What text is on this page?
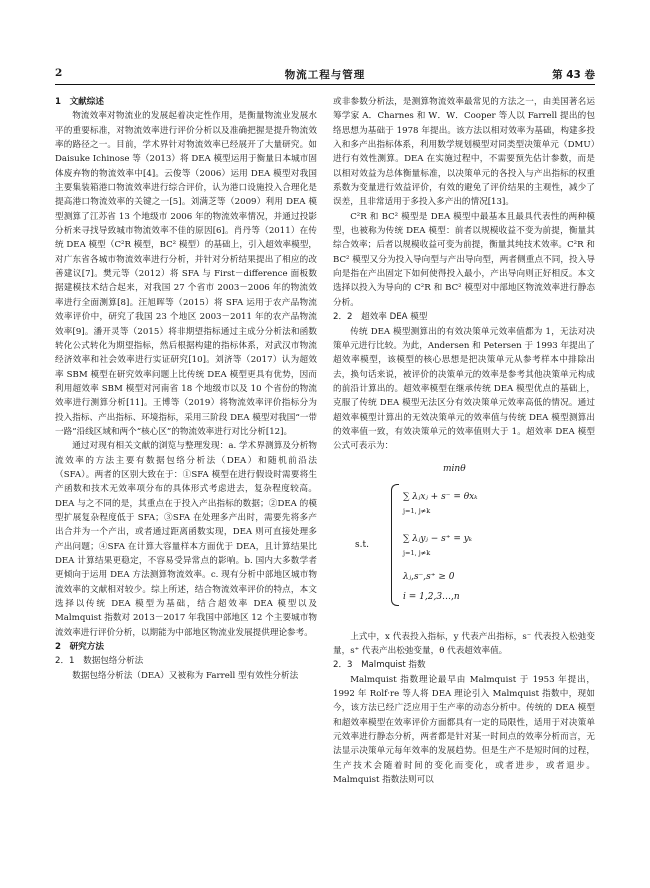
2	物流工程与管理	第 43 卷

1　文献综述

物流效率对物流业的发展起着决定性作用，是衡量物流业发展水平的重要标准，对物流效率进行评价分析以及准确把握是提升物流效率的路径之一。目前，学术界针对物流效率已经展开了大量研究。如 Daisuke Ichinose 等（2013）将 DEA 模型运用于衡量日本城市固体废弃物的物流效率中[4]。云俊等（2006）运用 DEA 模型对我国主要集装箱港口物流效率进行综合评价，认为港口设施投入合理化是提高港口物流效率的关键之一[5]。刘满芝等（2009）利用 DEA 模型测算了江苏省 13 个地级市 2006 年的物流效率情况，并通过投影分析来寻找导致城市物流效率不佳的原因[6]。肖丹等（2011）在传统 DEA 模型（C²R 模型，BC² 模型）的基础上，引入超效率模型，对广东省各城市物流效率进行分析，并针对分析结果提出了相应的改善建议[7]。樊元等（2012）将 SFA 与 First－difference 面板数据建模技术结合起来，对我国 27 个省市 2003－2006 年的物流效率进行全面测算[8]。汪旭晖等（2015）将 SFA 运用于农产品物流效率评价中，研究了我国 23 个地区 2003－2011 年的农产品物流效率[9]。潘开灵等（2015）将非期望指标通过主成分分析法和函数转化公式转化为期望指标，然后根据构建的指标体系，对武汉市物流经济效率和社会效率进行实证研究[10]。刘济等（2017）认为超效率 SBM 模型在研究效率问题上比传统 DEA 模型更具有优势，因而利用超效率 SBM 模型对河南省 18 个地级市以及 10 个省份的物流效率进行测算分析[11]。王博等（2019）将物流效率评价指标分为投入指标、产出指标、环境指标，采用三阶段 DEA 模型对我国“一带一路”沿线区域和两个“核心区”的物流效率进行对比分析[12]。

通过对现有相关文献的浏览与整理发现：a. 学术界测算及分析物流效率的方法主要有数据包络分析法（DEA）和随机前沿法（SFA）。两者的区别大致在于：①SFA 模型在进行假设时需要将生产函数和技术无效率项分布的具体形式考虑进去，复杂程度较高。DEA 与之不同的是，其重点在于投入产出指标的数据；②DEA 的模型扩展复杂程度低于 SFA；③SFA 在处理多产出时，需要先将多产出合并为一个产出，或者通过距离函数实现，DEA 则可直接处理多产出问题；④SFA 在计算大容量样本方面优于 DEA，且计算结果比 DEA 计算结果更稳定，不容易受异常点的影响。b. 国内大多数学者更倾向于运用 DEA 方法测算物流效率。c. 现有分析中部地区城市物流效率的文献相对较少。综上所述，结合物流效率评价的特点，本文选择以传统 DEA 模型为基础，结合超效率 DEA 模型以及 Malmquist 指数对 2013－2017 年我国中部地区 12 个主要城市物流效率进行评价分析，以期能为中部地区物流业发展提供理论参考。

2　研究方法

2．1　数据包络分析法

数据包络分析法（DEA）又被称为 Farrell 型有效性分析法

或非参数分析法，是测算物流效率最常见的方法之一，由美国著名运筹学家 A．Charnes 和 W．W．Cooper 等人以 Farrell 提出的包络思想为基础于 1978 年提出。该方法以相对效率为基础，构建多投入和多产出指标体系，利用数学规划模型对同类型决策单元（DMU）进行有效性测算。DEA 在实施过程中，不需要预先估计参数，而是以相对效益为总体衡量标准，以决策单元的各投入与产出指标的权重系数为变量进行效益评价，有效的避免了评价结果的主观性，减少了误差，且非常适用于多投入多产出的情况[13]。

C²R 和 BC² 模型是 DEA 模型中最基本且最具代表性的两种模型，也被称为传统 DEA 模型：前者以规模收益不变为前提，衡量其综合效率；后者以规模收益可变为前提，衡量其纯技术效率。C²R 和 BC² 模型又分为投入导向型与产出导向型，两者侧重点不同，投入导向是指在产出固定下如何使得投入最小，产出导向则正好相反。本文选择以投入为导向的 C²R 和 BC² 模型对中部地区物流效率进行静态分析。

2．2　超效率 DEA 模型

传统 DEA 模型测算出的有效决策单元效率值都为 1，无法对决策单元进行比较。为此，Andersen 和 Petersen 于 1993 年提出了超效率模型，该模型的核心思想是把决策单元从参考样本中排除出去，换句话来说，被评价的决策单元的效率是参考其他决策单元构成的前沿计算出的。超效率模型在继承传统 DEA 模型优点的基础上，克服了传统 DEA 模型无法区分有效决策单元效率高低的情况。通过超效率模型计算出的无效决策单元的效率值与传统 DEA 模型测算出的效率值一致，有效决策单元的效率值则大于 1。超效率 DEA 模型公式可表示为：

minθ
s.t.
∑ λⱼxⱼ + s⁻ = θxₖ
j=1, j≠k
∑ λⱼyⱼ − s⁺ = yₖ
j=1, j≠k
λⱼ,s⁻,s⁺ ≥ 0
i = 1,2,3…,n

上式中，x 代表投入指标，y 代表产出指标，s⁻ 代表投入松弛变量，s⁺ 代表产出松弛变量，θ 代表超效率值。

2．3　Malmquist 指数

Malmquist 指数理论最早由 Malmquist 于 1953 年提出，1992 年 Rolf·re 等人将 DEA 理论引入 Malmquist 指数中，现如今，该方法已经广泛应用于生产率的动态分析中。传统的 DEA 模型和超效率模型在效率评价方面都具有一定的局限性，适用于对决策单元效率进行静态分析，两者都是针对某一时间点的效率分析而言，无法显示决策单元每年效率的发展趋势。但是生产不是短时间的过程，生产技术会随着时间的变化而变化，或者进步，或者退步。Malmquist 指数法则可以
